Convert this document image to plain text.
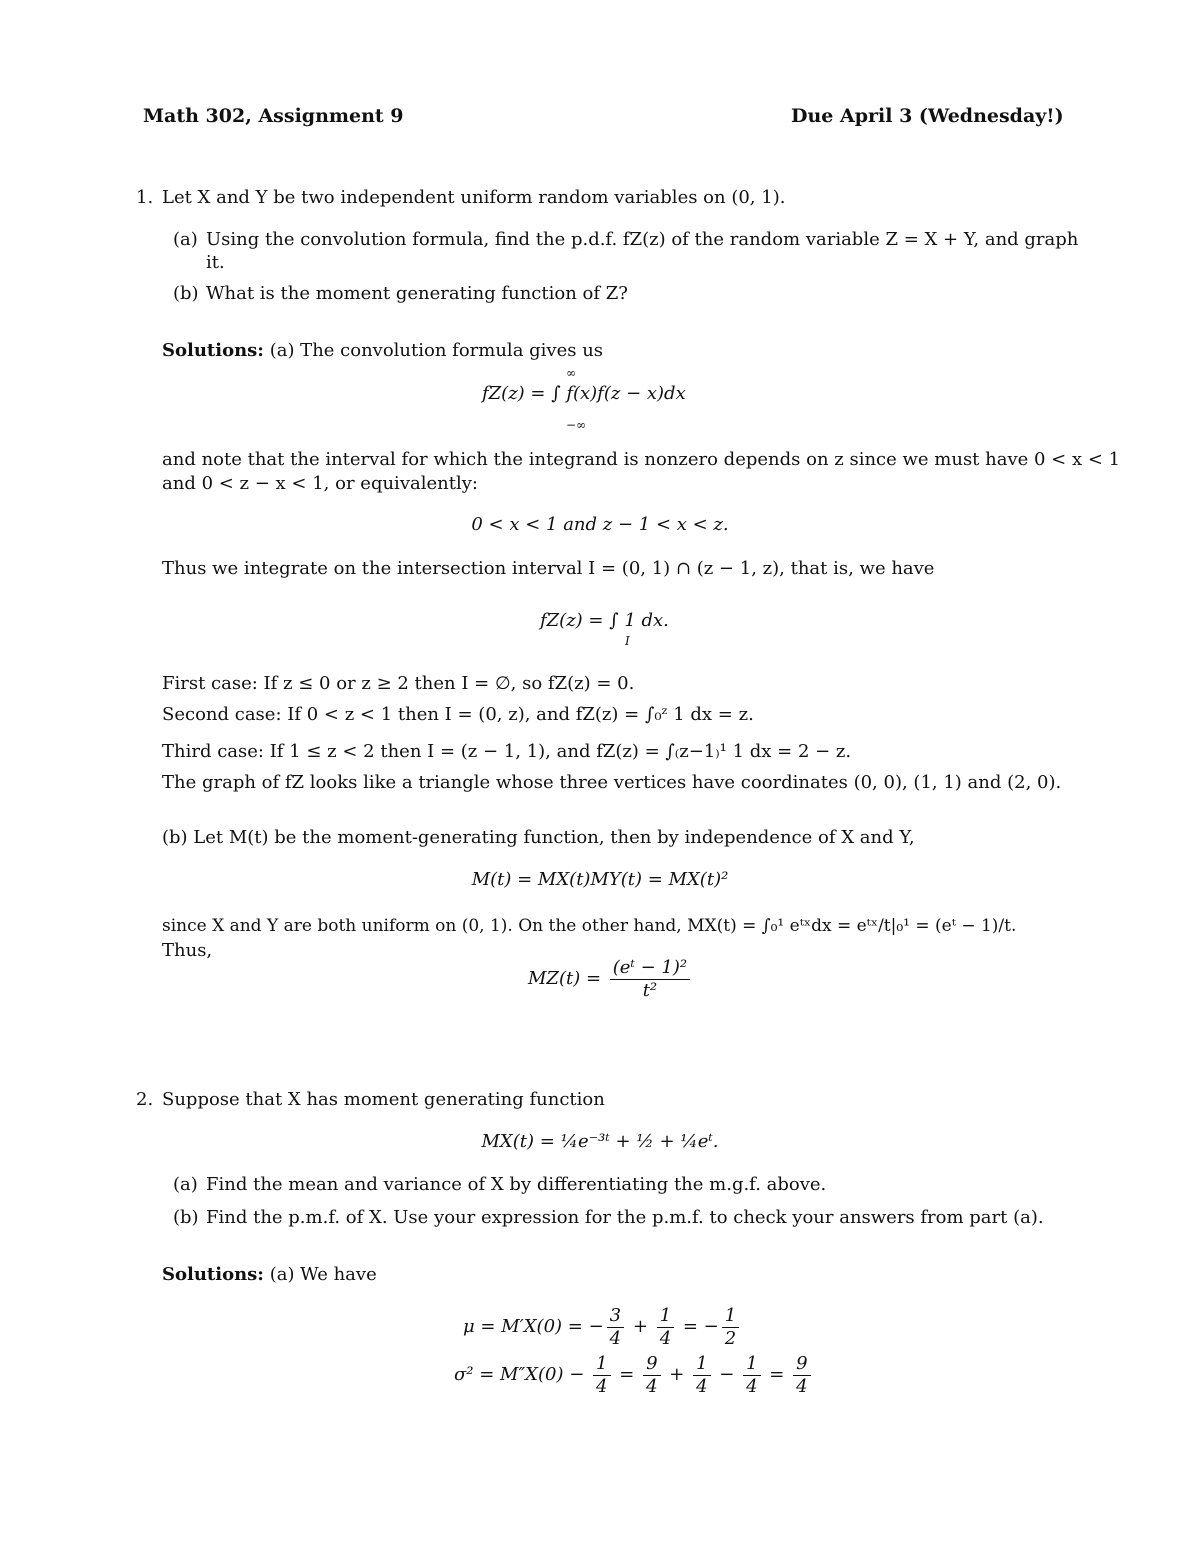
Math 302, Assignment 9	Due April 3 (Wednesday!)
1. Let X and Y be two independent uniform random variables on (0, 1).
(a) Using the convolution formula, find the p.d.f. fZ(z) of the random variable Z = X + Y, and graph
it.
(b) What is the moment generating function of Z?
Solutions: (a) The convolution formula gives us
fZ(z) = ∫ f(x)f(z − x)dx
∞
−∞
and note that the interval for which the integrand is nonzero depends on z since we must have 0 < x < 1
and 0 < z − x < 1, or equivalently:
0 < x < 1 and z − 1 < x < z.
Thus we integrate on the intersection interval I = (0, 1) ∩ (z − 1, z), that is, we have
fZ(z) = ∫ 1 dx.
I
First case: If z ≤ 0 or z ≥ 2 then I = ∅, so fZ(z) = 0.
Second case: If 0 < z < 1 then I = (0, z), and fZ(z) = ∫₀ᶻ 1 dx = z.
Third case: If 1 ≤ z < 2 then I = (z − 1, 1), and fZ(z) = ∫₍z−1₎¹ 1 dx = 2 − z.
The graph of fZ looks like a triangle whose three vertices have coordinates (0, 0), (1, 1) and (2, 0).
(b) Let M(t) be the moment-generating function, then by independence of X and Y,
M(t) = MX(t)MY(t) = MX(t)²
since X and Y are both uniform on (0, 1). On the other hand, MX(t) = ∫₀¹ eᵗˣdx = eᵗˣ/t|₀¹ = (eᵗ − 1)/t.
Thus,
$MZ(t) = \frac{\text{(eᵗ − 1)²}}{\text{t²}}$
2. Suppose that X has moment generating function
MX(t) = ¼e⁻³ᵗ + ½ + ¼eᵗ.
(a) Find the mean and variance of X by differentiating the m.g.f. above.
(b) Find the p.m.f. of X. Use your expression for the p.m.f. to check your answers from part (a).
Solutions: (a) We have
μ = M′X(0) = − $\frac{3}{4} + \frac{1}{4}$ = − $\frac{1}{2}$
$\sigma^2 = M''X(0) - \frac{1}{4} = \frac{9}{4} + \frac{1}{4} - \frac{1}{4} = \frac{9}{4}$
